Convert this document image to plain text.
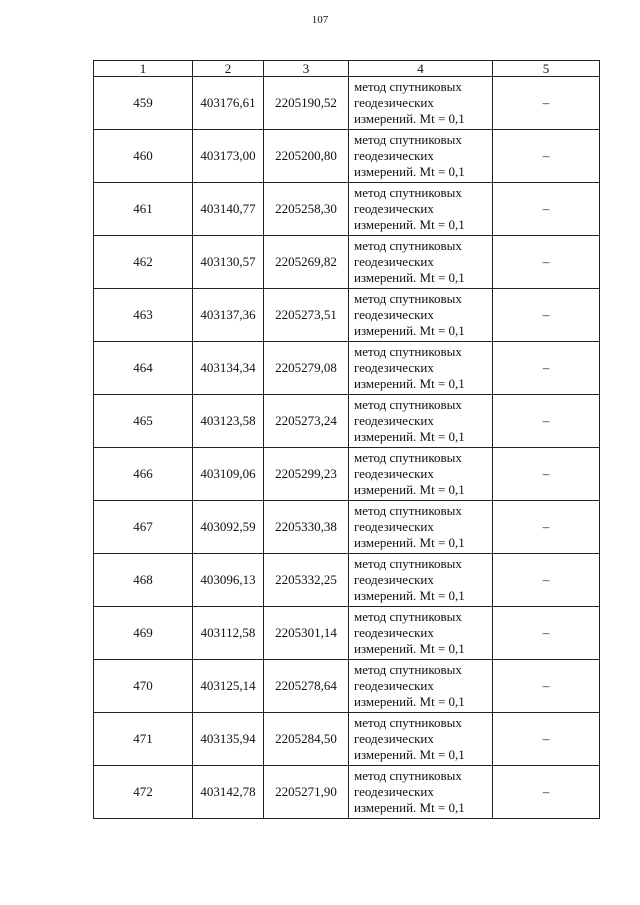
107
1	2	3	4	5
459	403176,61	2205190,52	метод спутниковых геодезических измерений. Mt = 0,1	–
460	403173,00	2205200,80	метод спутниковых геодезических измерений. Mt = 0,1	–
461	403140,77	2205258,30	метод спутниковых геодезических измерений. Mt = 0,1	–
462	403130,57	2205269,82	метод спутниковых геодезических измерений. Mt = 0,1	–
463	403137,36	2205273,51	метод спутниковых геодезических измерений. Mt = 0,1	–
464	403134,34	2205279,08	метод спутниковых геодезических измерений. Mt = 0,1	–
465	403123,58	2205273,24	метод спутниковых геодезических измерений. Mt = 0,1	–
466	403109,06	2205299,23	метод спутниковых геодезических измерений. Mt = 0,1	–
467	403092,59	2205330,38	метод спутниковых геодезических измерений. Mt = 0,1	–
468	403096,13	2205332,25	метод спутниковых геодезических измерений. Mt = 0,1	–
469	403112,58	2205301,14	метод спутниковых геодезических измерений. Mt = 0,1	–
470	403125,14	2205278,64	метод спутниковых геодезических измерений. Mt = 0,1	–
471	403135,94	2205284,50	метод спутниковых геодезических измерений. Mt = 0,1	–
472	403142,78	2205271,90	метод спутниковых геодезических измерений. Mt = 0,1	–
